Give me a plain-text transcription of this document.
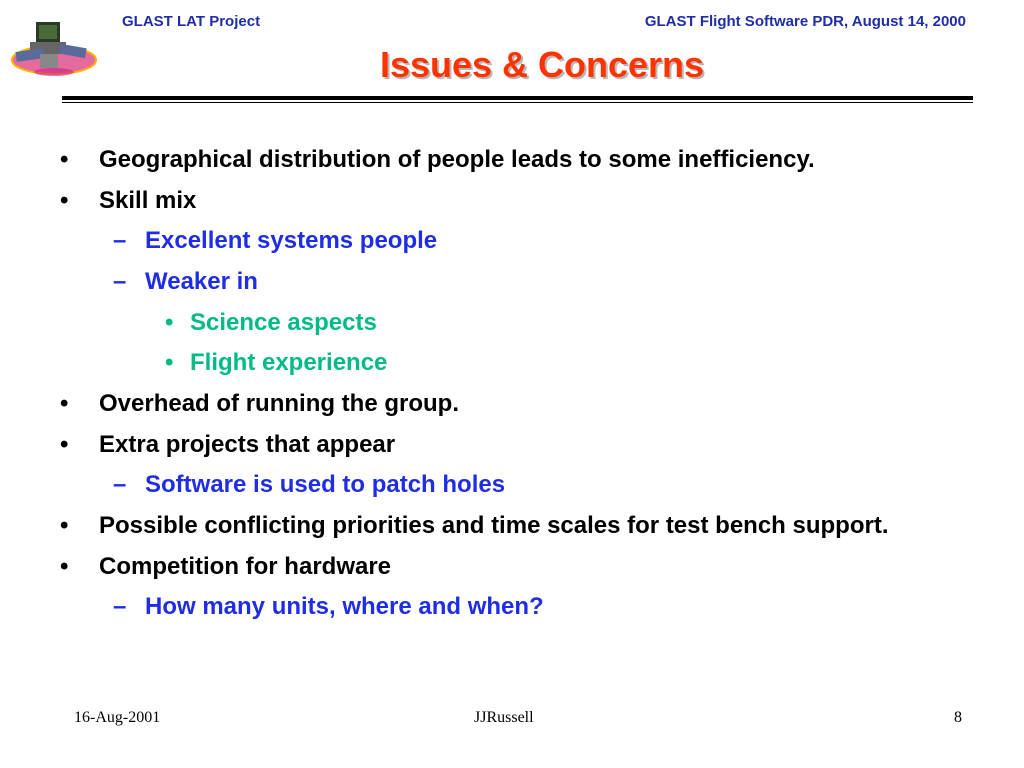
GLAST LAT Project	GLAST Flight Software PDR, August 14, 2000
Issues & Concerns
• Geographical distribution of people leads to some inefficiency.
• Skill mix
– Excellent systems people
– Weaker in
• Science aspects
• Flight experience
• Overhead of running the group.
• Extra projects that appear
– Software is used to patch holes
• Possible conflicting priorities and time scales for test bench support.
• Competition for hardware
– How many units, where and when?
16-Aug-2001	JJRussell	8
